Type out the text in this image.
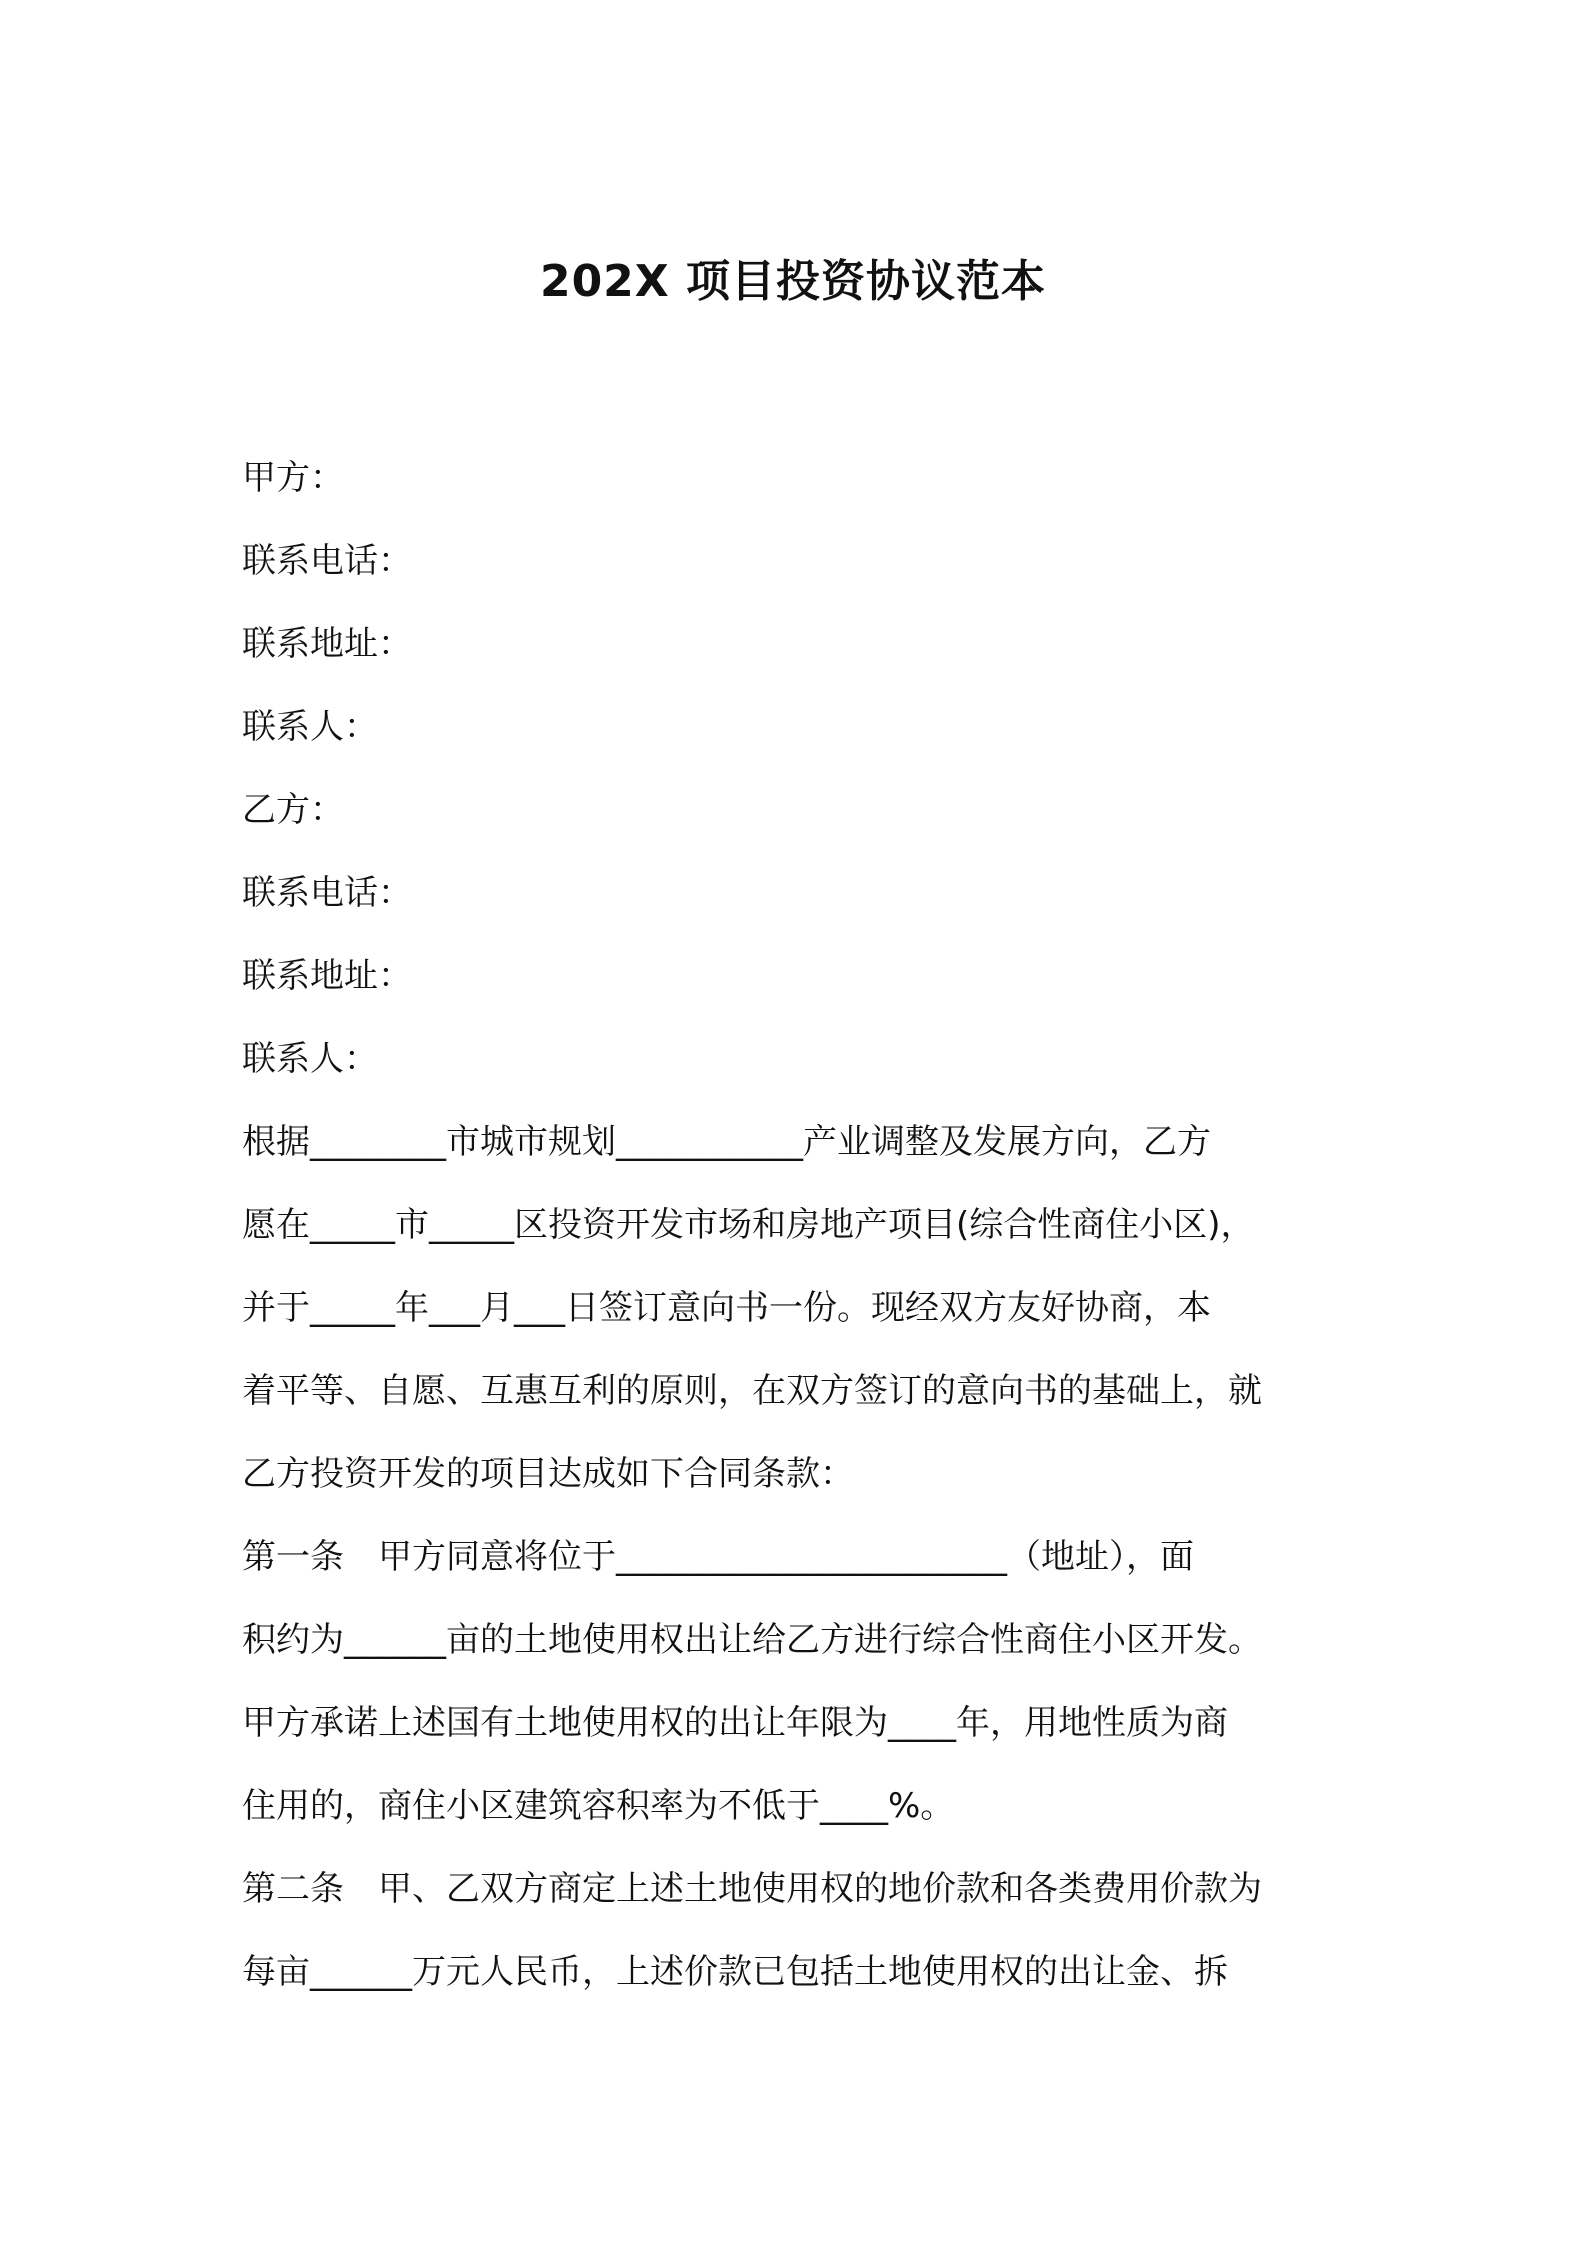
202X 项目投资协议范本
甲方：
联系电话：
联系地址：
联系人：
乙方：
联系电话：
联系地址：
联系人：
根据________市城市规划___________产业调整及发展方向，乙方
愿在_____市_____区投资开发市场和房地产项目(综合性商住小区)，
并于_____年___月___日签订意向书一份。现经双方友好协商，本
着平等、自愿、互惠互利的原则，在双方签订的意向书的基础上，就
乙方投资开发的项目达成如下合同条款：
第一条　甲方同意将位于_______________________（地址），面
积约为______亩的土地使用权出让给乙方进行综合性商住小区开发。
甲方承诺上述国有土地使用权的出让年限为____年，用地性质为商
住用的，商住小区建筑容积率为不低于____%。
第二条　甲、乙双方商定上述土地使用权的地价款和各类费用价款为
每亩______万元人民币，上述价款已包括土地使用权的出让金、拆
